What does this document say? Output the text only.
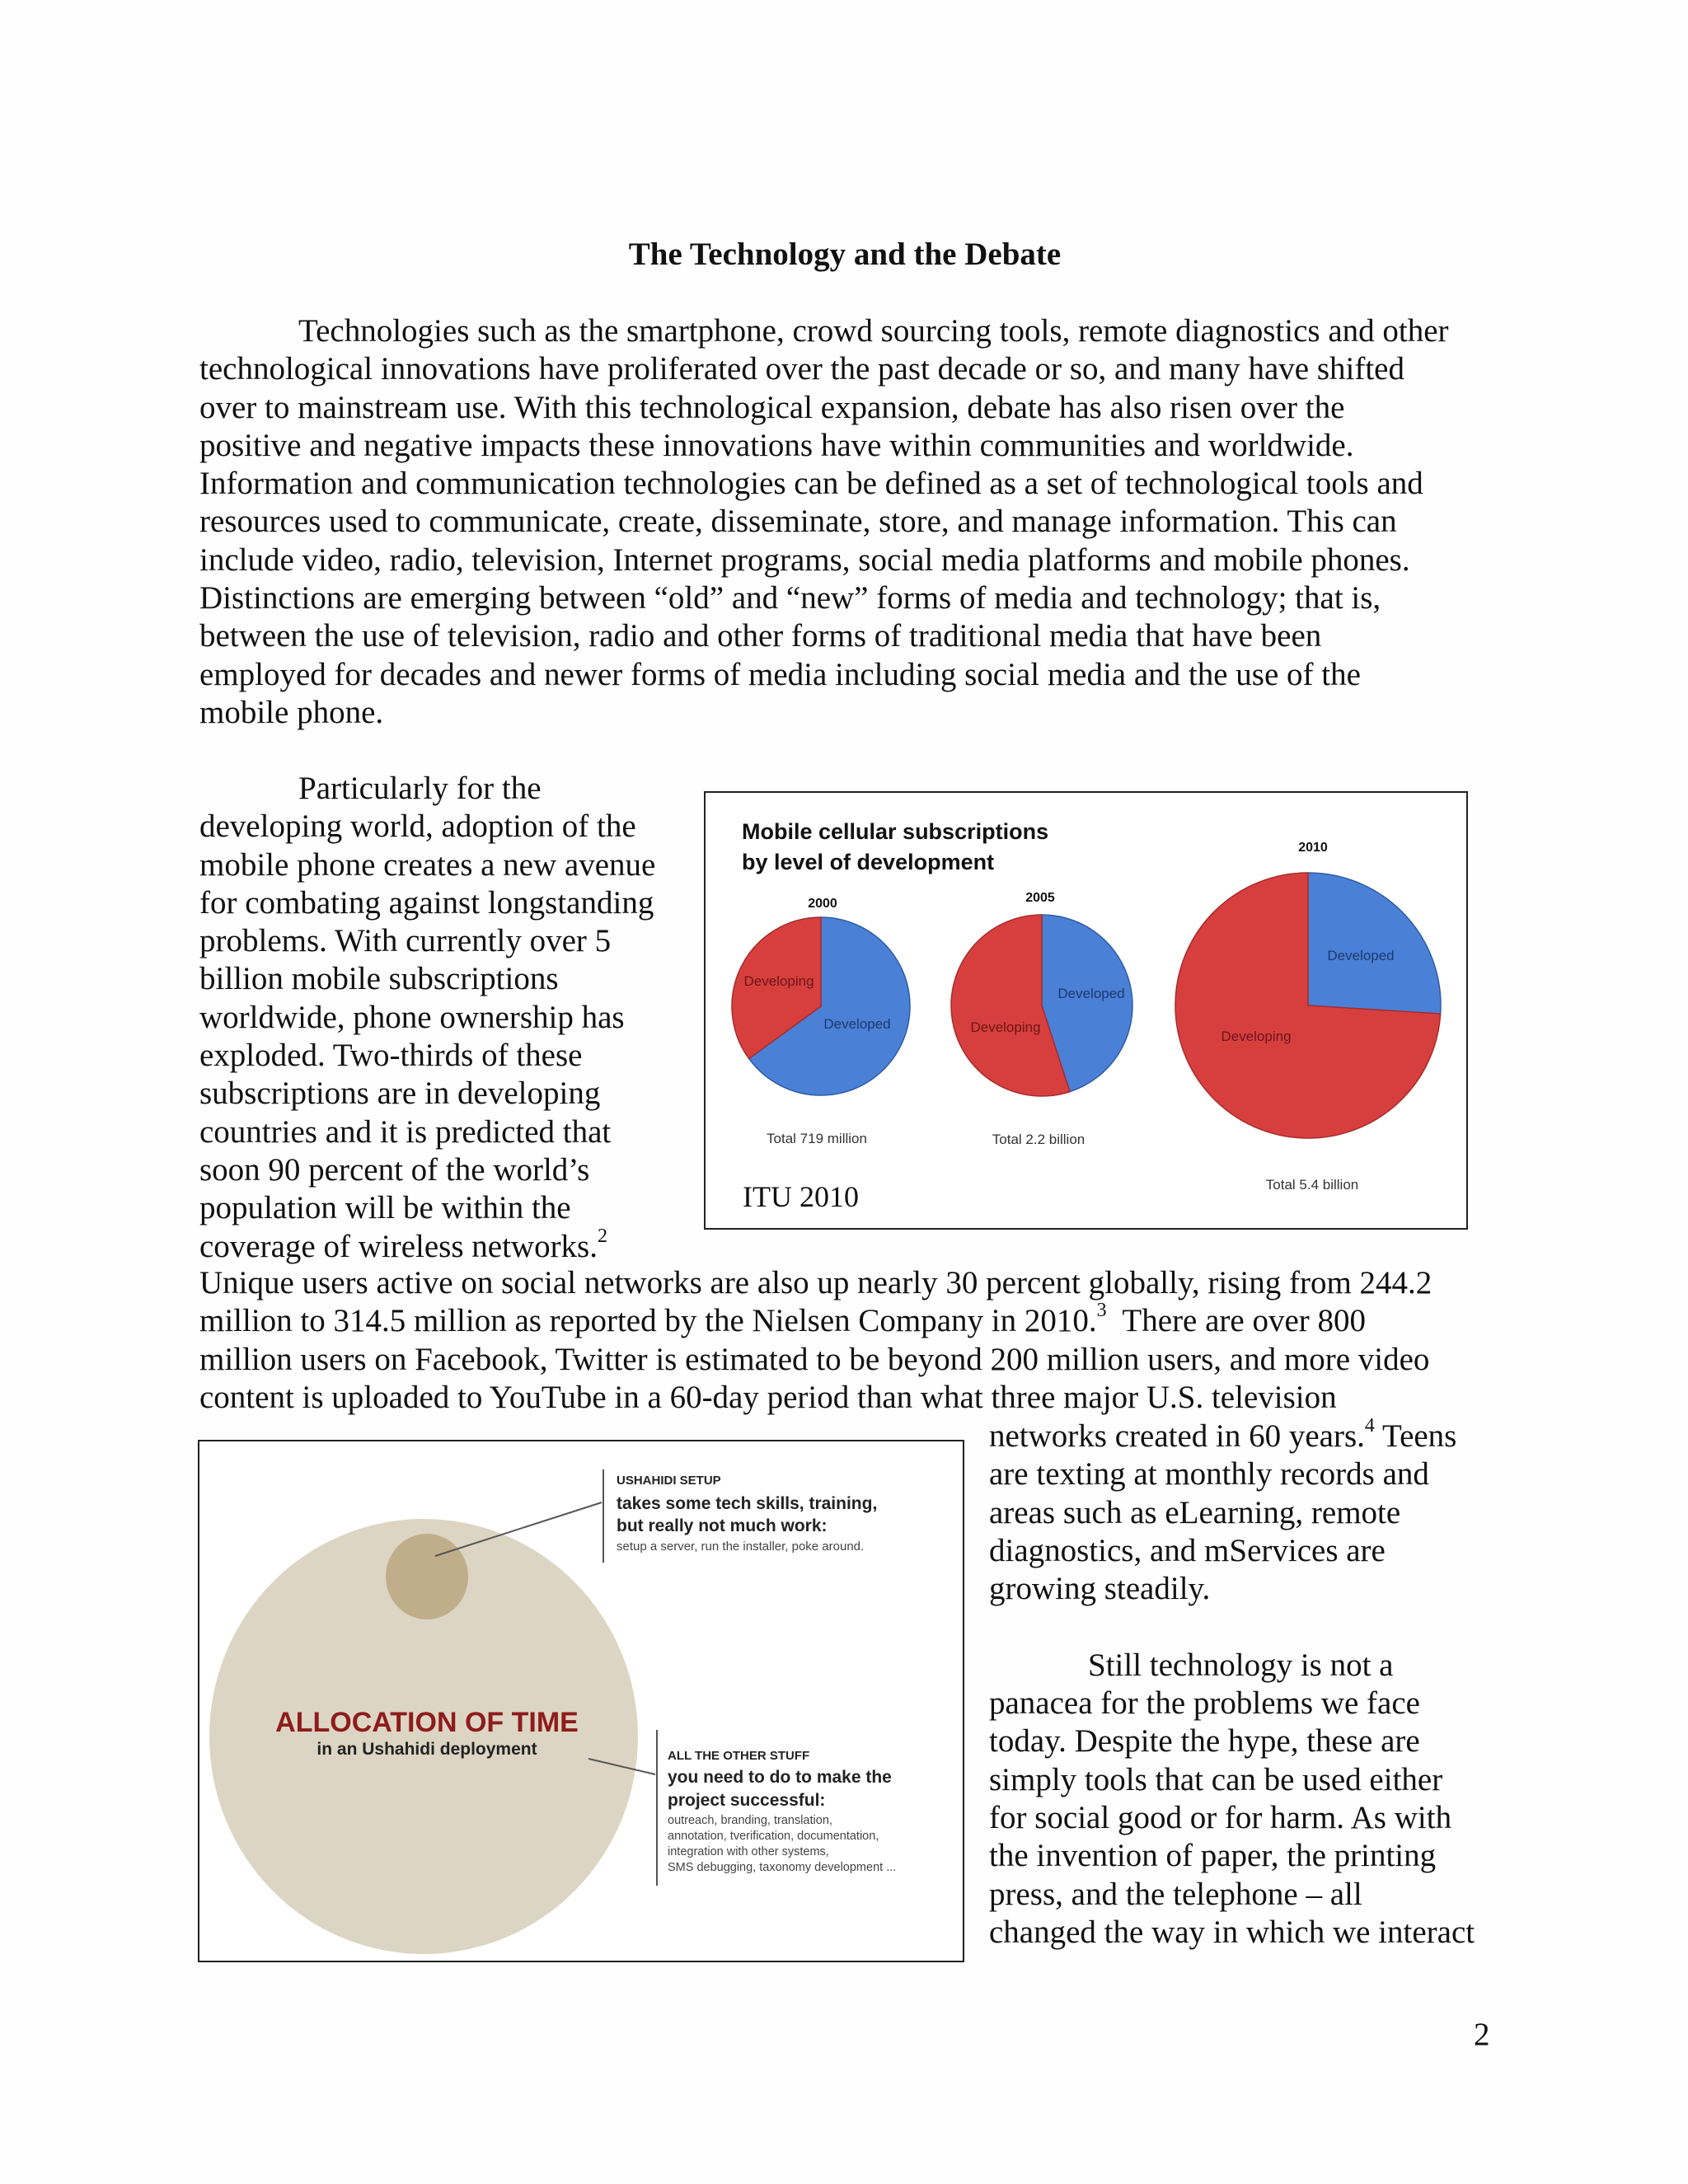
The Technology and the Debate
Technologies such as the smartphone, crowd sourcing tools, remote diagnostics and other
technological innovations have proliferated over the past decade or so, and many have shifted
over to mainstream use. With this technological expansion, debate has also risen over the
positive and negative impacts these innovations have within communities and worldwide.
Information and communication technologies can be defined as a set of technological tools and
resources used to communicate, create, disseminate, store, and manage information. This can
include video, radio, television, Internet programs, social media platforms and mobile phones.
Distinctions are emerging between “old” and “new” forms of media and technology; that is,
between the use of television, radio and other forms of traditional media that have been
employed for decades and newer forms of media including social media and the use of the
mobile phone.
Particularly for the
developing world, adoption of the
mobile phone creates a new avenue
for combating against longstanding
problems. With currently over 5
billion mobile subscriptions
worldwide, phone ownership has
exploded. Two-thirds of these
subscriptions are in developing
countries and it is predicted that
soon 90 percent of the world’s
population will be within the
coverage of wireless networks.$^2$
Unique users active on social networks are also up nearly 30 percent globally, rising from 244.2
million to 314.5 million as reported by the Nielsen Company in 2010.$^3$  There are over 800
million users on Facebook, Twitter is estimated to be beyond 200 million users, and more video
content is uploaded to YouTube in a 60-day period than what three major U.S. television
networks created in 60 years.$^4$ Teens
are texting at monthly records and
areas such as eLearning, remote
diagnostics, and mServices are
growing steadily.
Still technology is not a
panacea for the problems we face
today. Despite the hype, these are
simply tools that can be used either
for social good or for harm. As with
the invention of paper, the printing
press, and the telephone – all
changed the way in which we interact
Mobile cellular subscriptions
by level of development
Developed
Developing
2000
Total 719 million
Developed
Developing
2005
Total 2.2 billion
Developed
Developing
2010
Total 5.4 billion
ITU 2010
ALLOCATION OF TIME
in an Ushahidi deployment
USHAHIDI SETUP
takes some tech skills, training,
but really not much work:
setup a server, run the installer, poke around.
ALL THE OTHER STUFF
you need to do to make the
project successful:
outreach, branding, translation,
annotation, tverification, documentation,
integration with other systems,
SMS debugging, taxonomy development ...
2
